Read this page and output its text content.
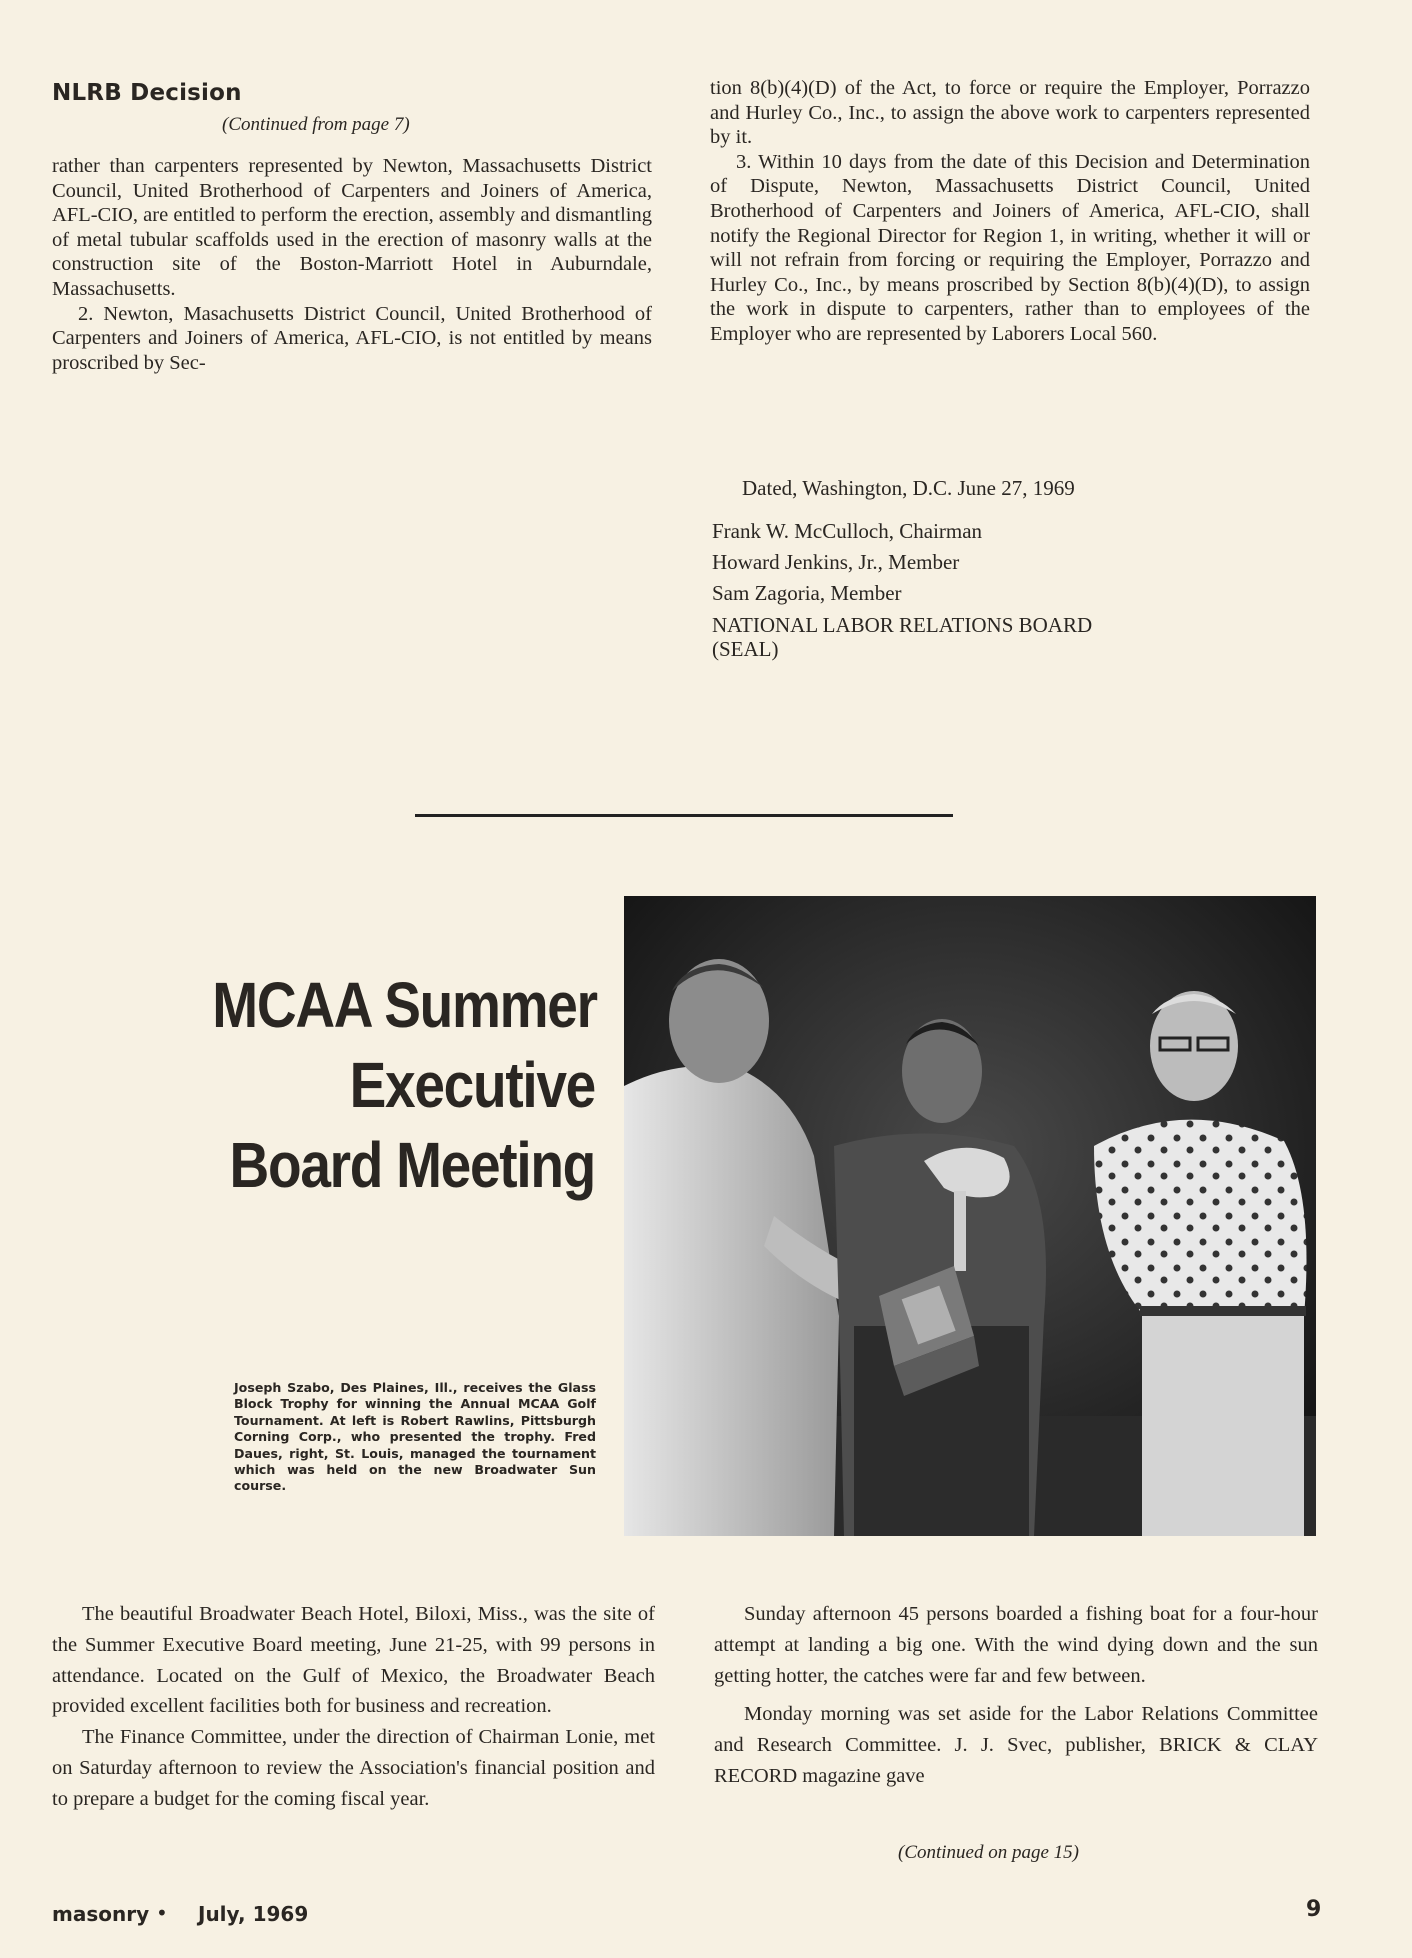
NLRB Decision
(Continued from page 7)

rather than carpenters represented by Newton, Massachusetts District Council, United Brotherhood of Carpenters and Joiners of America, AFL-CIO, are entitled to perform the erection, assembly and dismantling of metal tubular scaffolds used in the erection of masonry walls at the construction site of the Boston-Marriott Hotel in Auburndale, Massachusetts.

2. Newton, Masachusetts District Council, United Brotherhood of Carpenters and Joiners of America, AFL-CIO, is not entitled by means proscribed by Sec-

tion 8(b)(4)(D) of the Act, to force or require the Employer, Porrazzo and Hurley Co., Inc., to assign the above work to carpenters represented by it.

3. Within 10 days from the date of this Decision and Determination of Dispute, Newton, Massachusetts District Council, United Brotherhood of Carpenters and Joiners of America, AFL-CIO, shall notify the Regional Director for Region 1, in writing, whether it will or will not refrain from forcing or requiring the Employer, Porrazzo and Hurley Co., Inc., by means proscribed by Section 8(b)(4)(D), to assign the work in dispute to carpenters, rather than to employees of the Employer who are represented by Laborers Local 560.

Dated, Washington, D.C. June 27, 1969
Frank W. McCulloch, Chairman
Howard Jenkins, Jr., Member
Sam Zagoria, Member
NATIONAL LABOR RELATIONS BOARD
(SEAL)
MCAA Summer
Executive
Board Meeting
Joseph Szabo, Des Plaines, Ill., receives the Glass Block Trophy for winning the Annual MCAA Golf Tournament. At left is Robert Rawlins, Pittsburgh Corning Corp., who presented the trophy. Fred Daues, right, St. Louis, managed the tournament which was held on the new Broadwater Sun course.

The beautiful Broadwater Beach Hotel, Biloxi, Miss., was the site of the Summer Executive Board meeting, June 21-25, with 99 persons in attendance. Located on the Gulf of Mexico, the Broadwater Beach provided excellent facilities both for business and recreation.

The Finance Committee, under the direction of Chairman Lonie, met on Saturday afternoon to review the Association's financial position and to prepare a budget for the coming fiscal year.

Sunday afternoon 45 persons boarded a fishing boat for a four-hour attempt at landing a big one. With the wind dying down and the sun getting hotter, the catches were far and few between.

Monday morning was set aside for the Labor Relations Committee and Research Committee. J. J. Svec, publisher, BRICK & CLAY RECORD magazine gave

(Continued on page 15)
masonry • July, 1969	9
